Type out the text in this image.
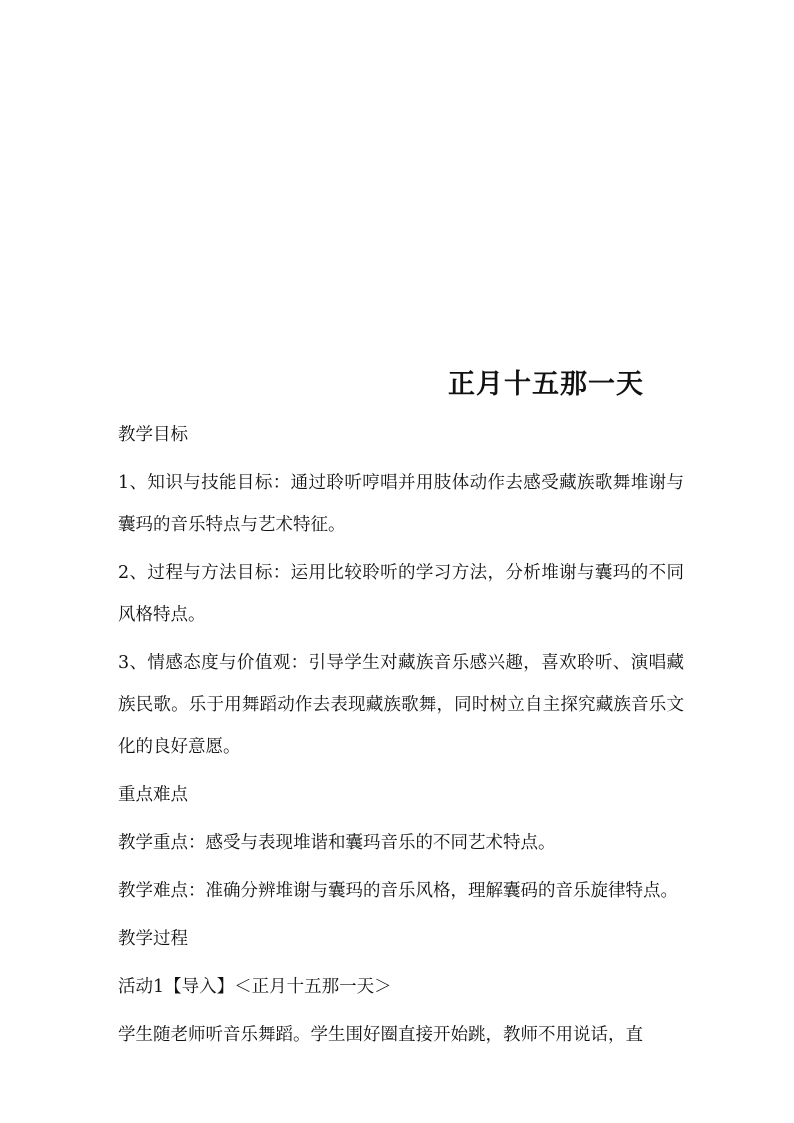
正月十五那一天
教学目标
1、知识与技能目标：通过聆听哼唱并用肢体动作去感受藏族歌舞堆谢与囊玛的音乐特点与艺术特征。
2、过程与方法目标：运用比较聆听的学习方法，分析堆谢与囊玛的不同风格特点。
3、情感态度与价值观：引导学生对藏族音乐感兴趣，喜欢聆听、演唱藏族民歌。乐于用舞蹈动作去表现藏族歌舞，同时树立自主探究藏族音乐文化的良好意愿。
重点难点
教学重点：感受与表现堆谐和囊玛音乐的不同艺术特点。
教学难点：准确分辨堆谢与囊玛的音乐风格，理解囊码的音乐旋律特点。
教学过程
活动1【导入】＜正月十五那一天＞
学生随老师听音乐舞蹈。学生围好圈直接开始跳，教师不用说话，直
